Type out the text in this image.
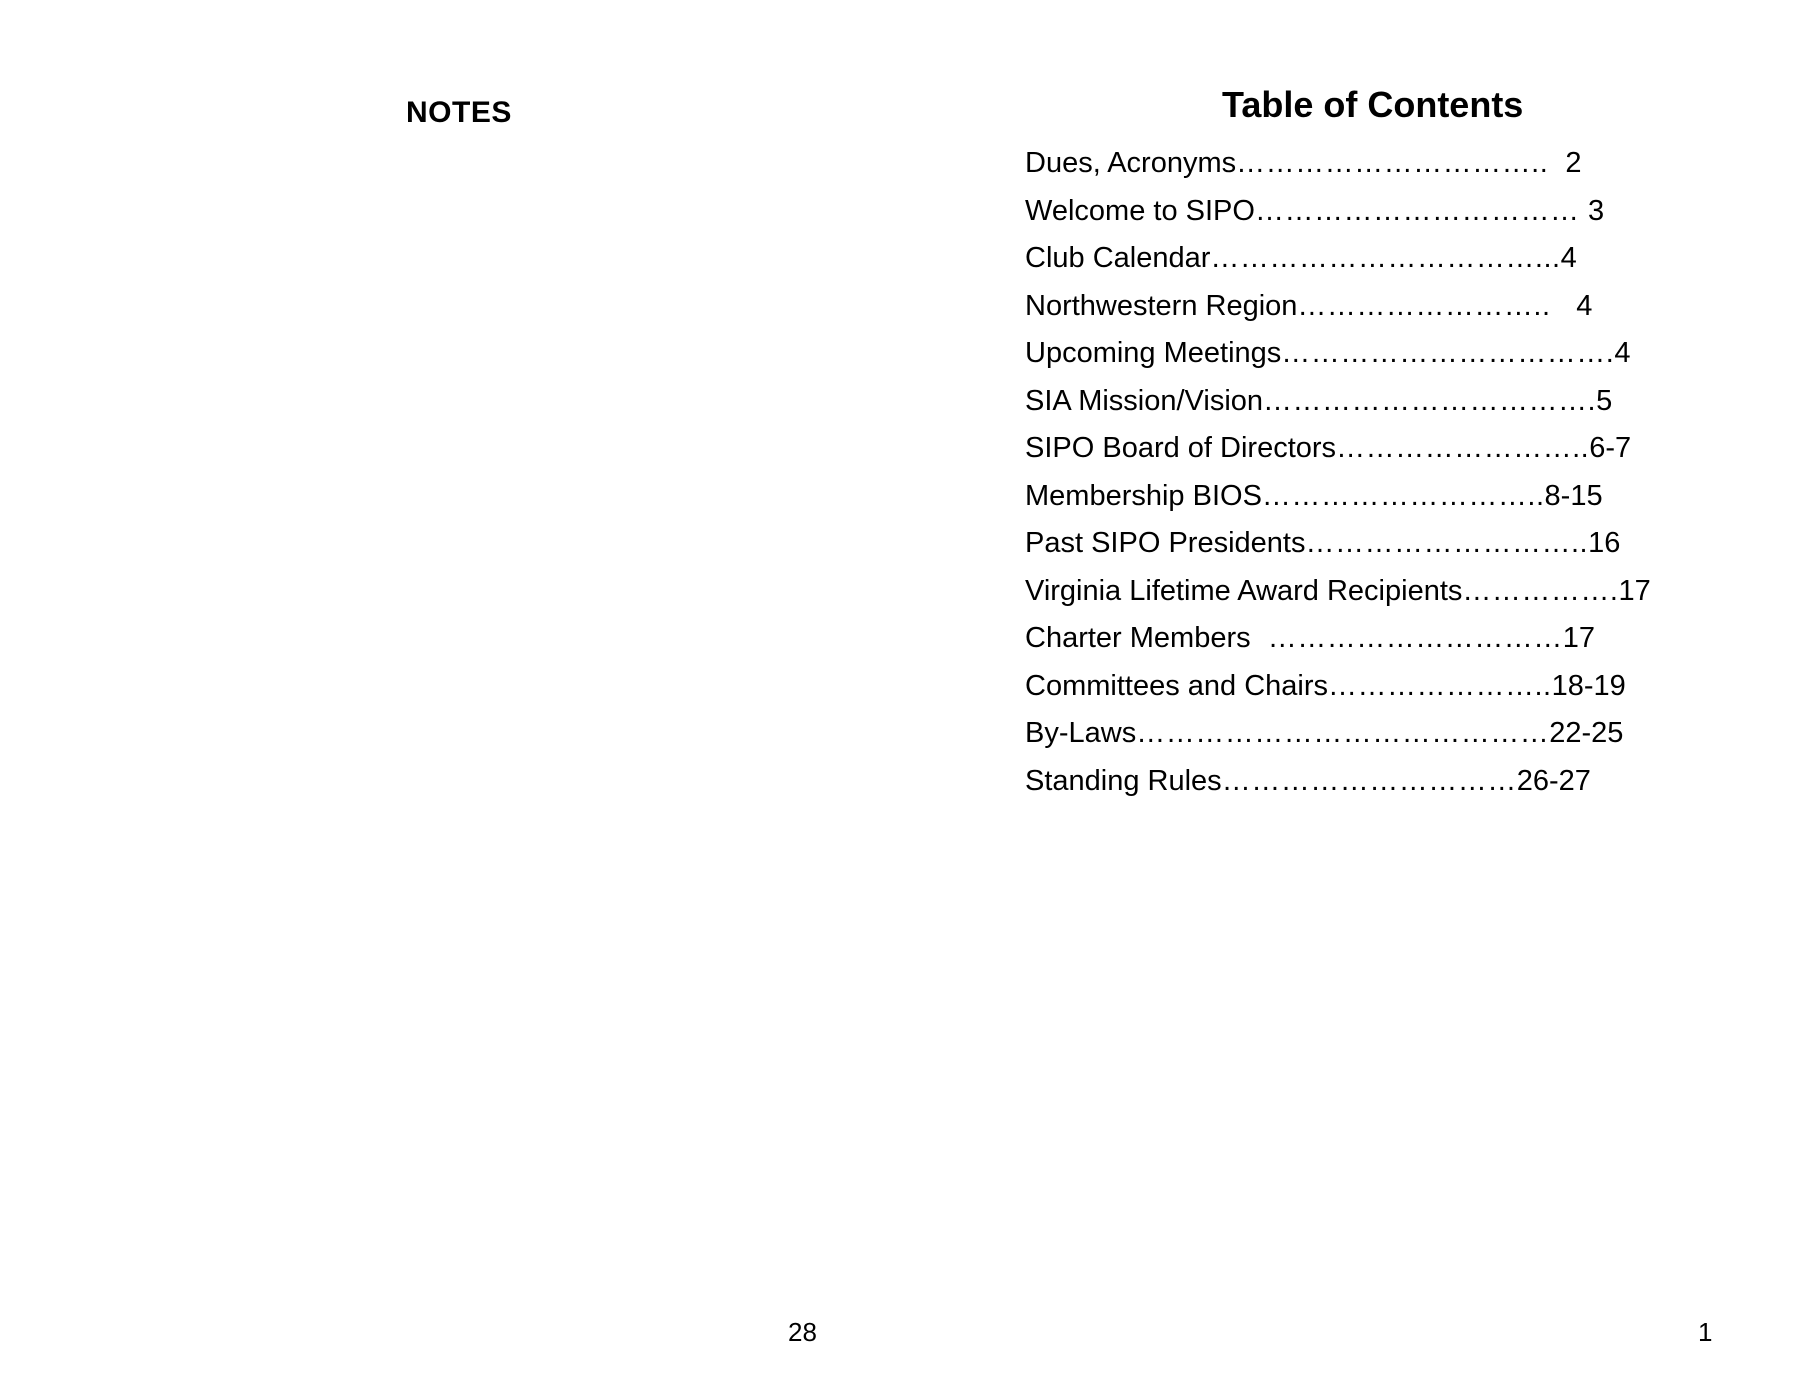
NOTES	Table of Contents
Dues, Acronyms…………………………..  2
Welcome to SIPO…………………………… 3
Club Calendar……………………………...4
Northwestern Region……………………..   4
Upcoming Meetings…………………………….4
SIA Mission/Vision…………………………….5
SIPO Board of Directors……………………..6-7
Membership BIOS………………………..8-15
Past SIPO Presidents………………………..16
Virginia Lifetime Award Recipients…………….17
Charter Members  …………………………17
Committees and Chairs…………………..18-19
By-Laws……………………………………22-25
Standing Rules…………………………26-27
28	1
